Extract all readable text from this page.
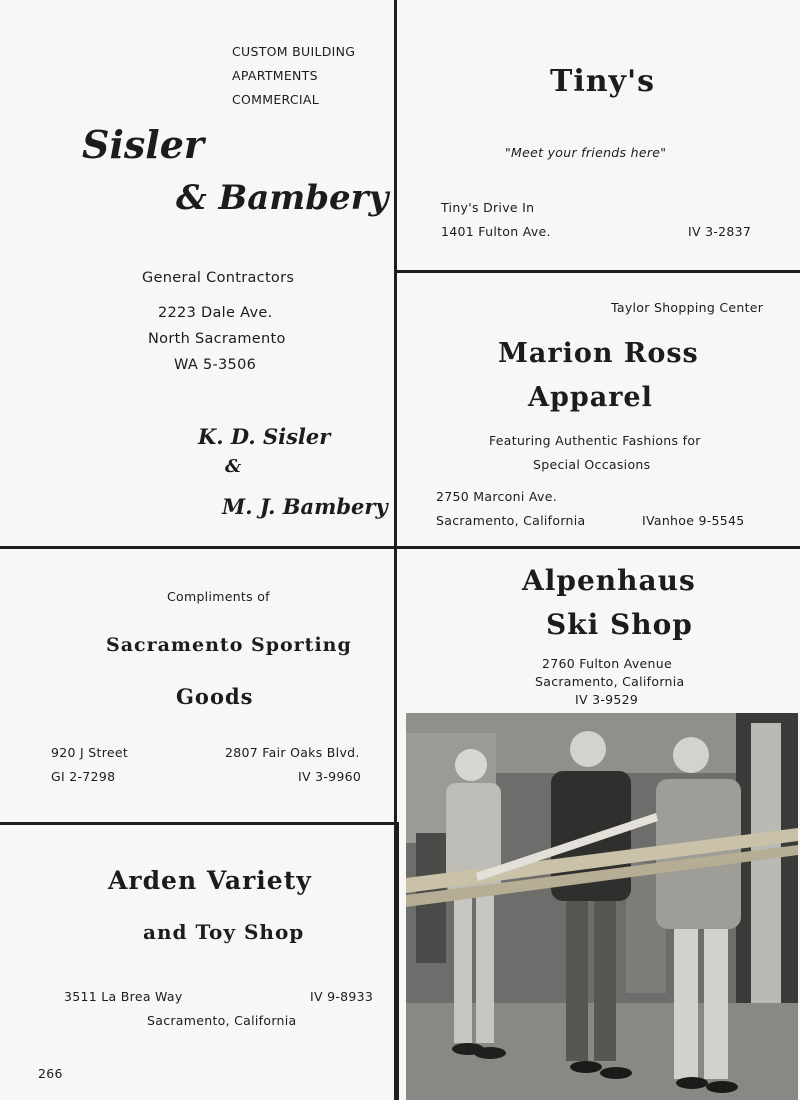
CUSTOM BUILDING
APARTMENTS
COMMERCIAL
Sisler
& Bambery
General Contractors
2223 Dale Ave.
North Sacramento
WA 5-3506
K. D. Sisler
&
M. J. Bambery
Tiny's
"Meet your friends here"
Tiny's Drive In
1401 Fulton Ave.	IV 3-2837
Taylor Shopping Center
Marion Ross
Apparel
Featuring Authentic Fashions for
Special Occasions
2750 Marconi Ave.
Sacramento, California	IVanhoe 9-5545
Compliments of
Sacramento Sporting
Goods
920 J Street
GI 2-7298
2807 Fair Oaks Blvd.
IV 3-9960
Alpenhaus
Ski Shop
2760 Fulton Avenue
Sacramento, California
IV 3-9529
Arden Variety
and Toy Shop
3511 La Brea Way	IV 9-8933
Sacramento, California
266
